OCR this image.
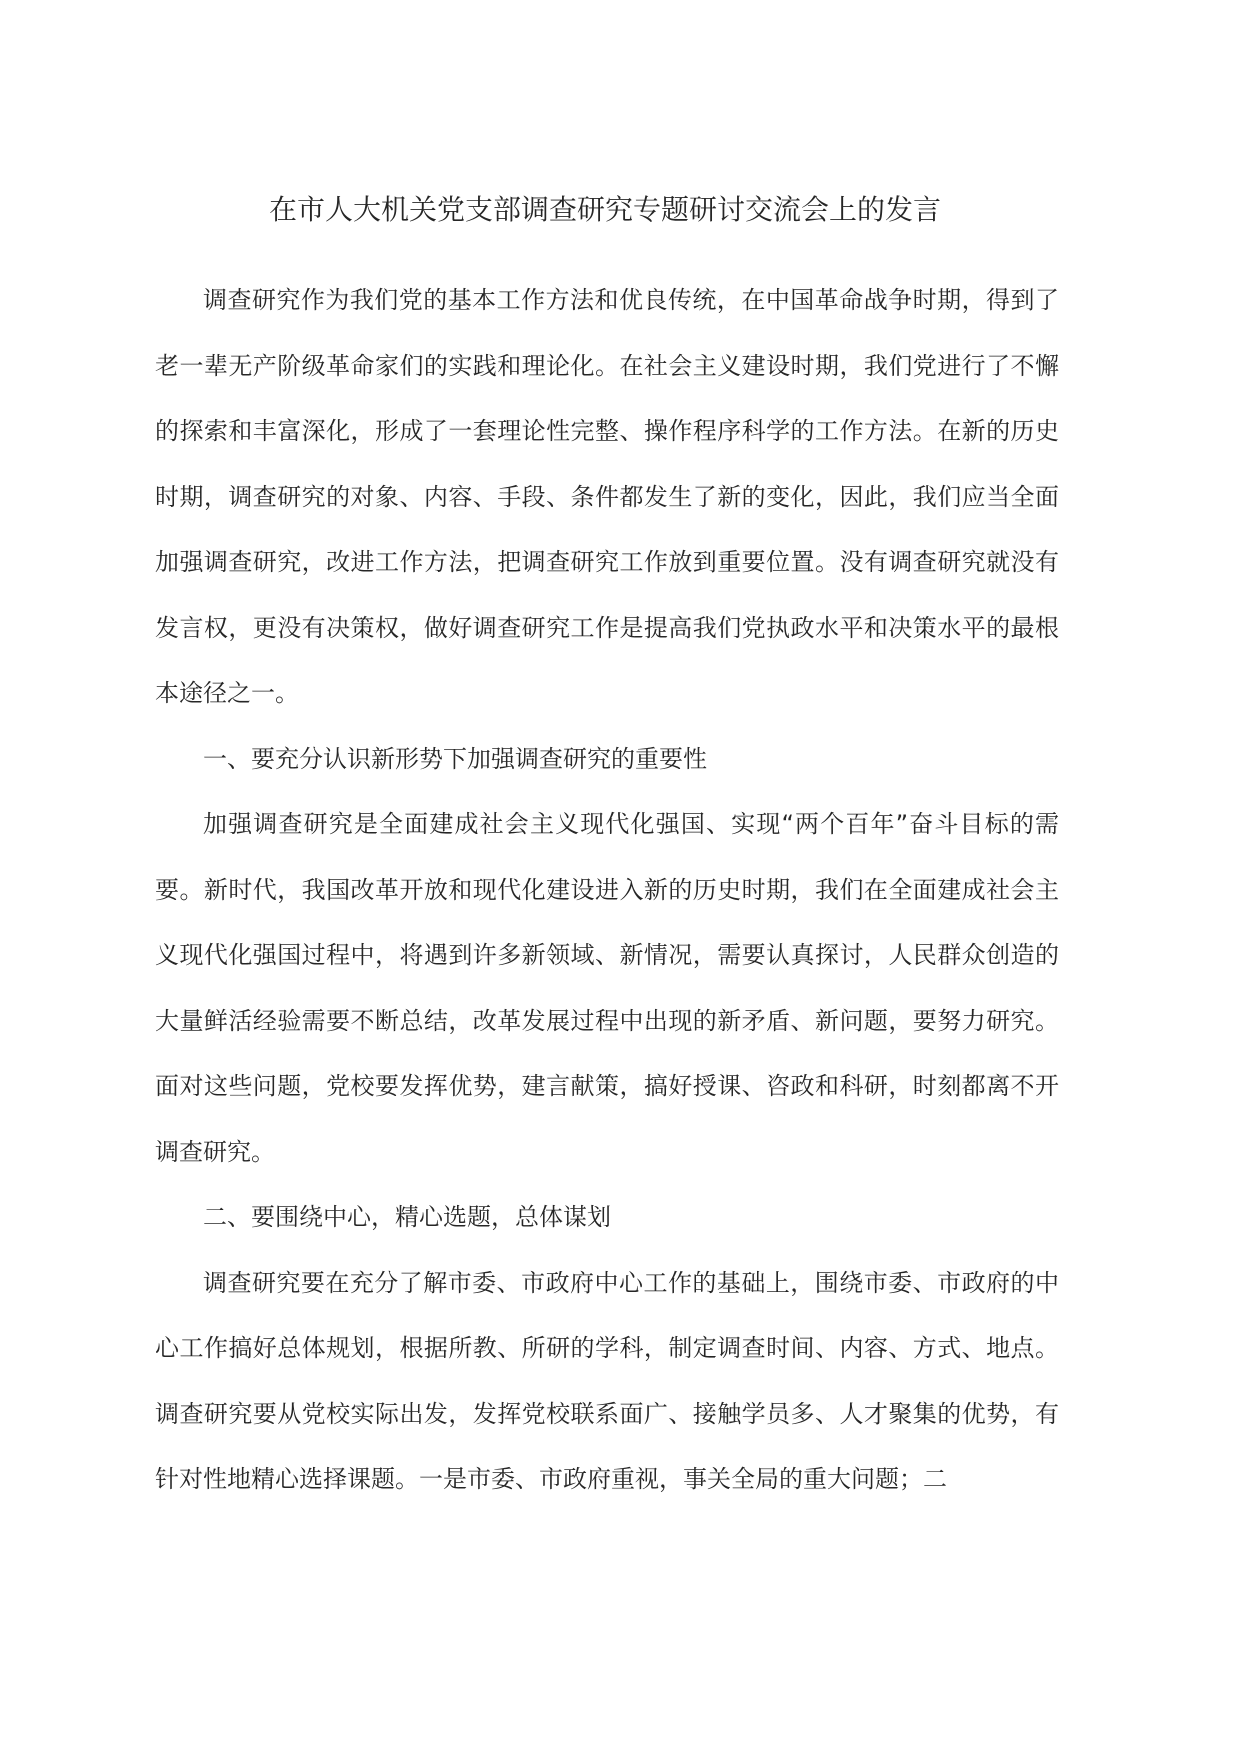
在市人大机关党支部调查研究专题研讨交流会上的发言

调查研究作为我们党的基本工作方法和优良传统，在中国革命战争时期，得到了老一辈无产阶级革命家们的实践和理论化。在社会主义建设时期，我们党进行了不懈的探索和丰富深化，形成了一套理论性完整、操作程序科学的工作方法。在新的历史时期，调查研究的对象、内容、手段、条件都发生了新的变化，因此，我们应当全面加强调查研究，改进工作方法，把调查研究工作放到重要位置。没有调查研究就没有发言权，更没有决策权，做好调查研究工作是提高我们党执政水平和决策水平的最根本途径之一。

一、要充分认识新形势下加强调查研究的重要性

加强调查研究是全面建成社会主义现代化强国、实现“两个百年”奋斗目标的需要。新时代，我国改革开放和现代化建设进入新的历史时期，我们在全面建成社会主义现代化强国过程中，将遇到许多新领域、新情况，需要认真探讨，人民群众创造的大量鲜活经验需要不断总结，改革发展过程中出现的新矛盾、新问题，要努力研究。面对这些问题，党校要发挥优势，建言献策，搞好授课、咨政和科研，时刻都离不开调查研究。

二、要围绕中心，精心选题，总体谋划

调查研究要在充分了解市委、市政府中心工作的基础上，围绕市委、市政府的中心工作搞好总体规划，根据所教、所研的学科，制定调查时间、内容、方式、地点。调查研究要从党校实际出发，发挥党校联系面广、接触学员多、人才聚集的优势，有针对性地精心选择课题。一是市委、市政府重视，事关全局的重大问题；二
